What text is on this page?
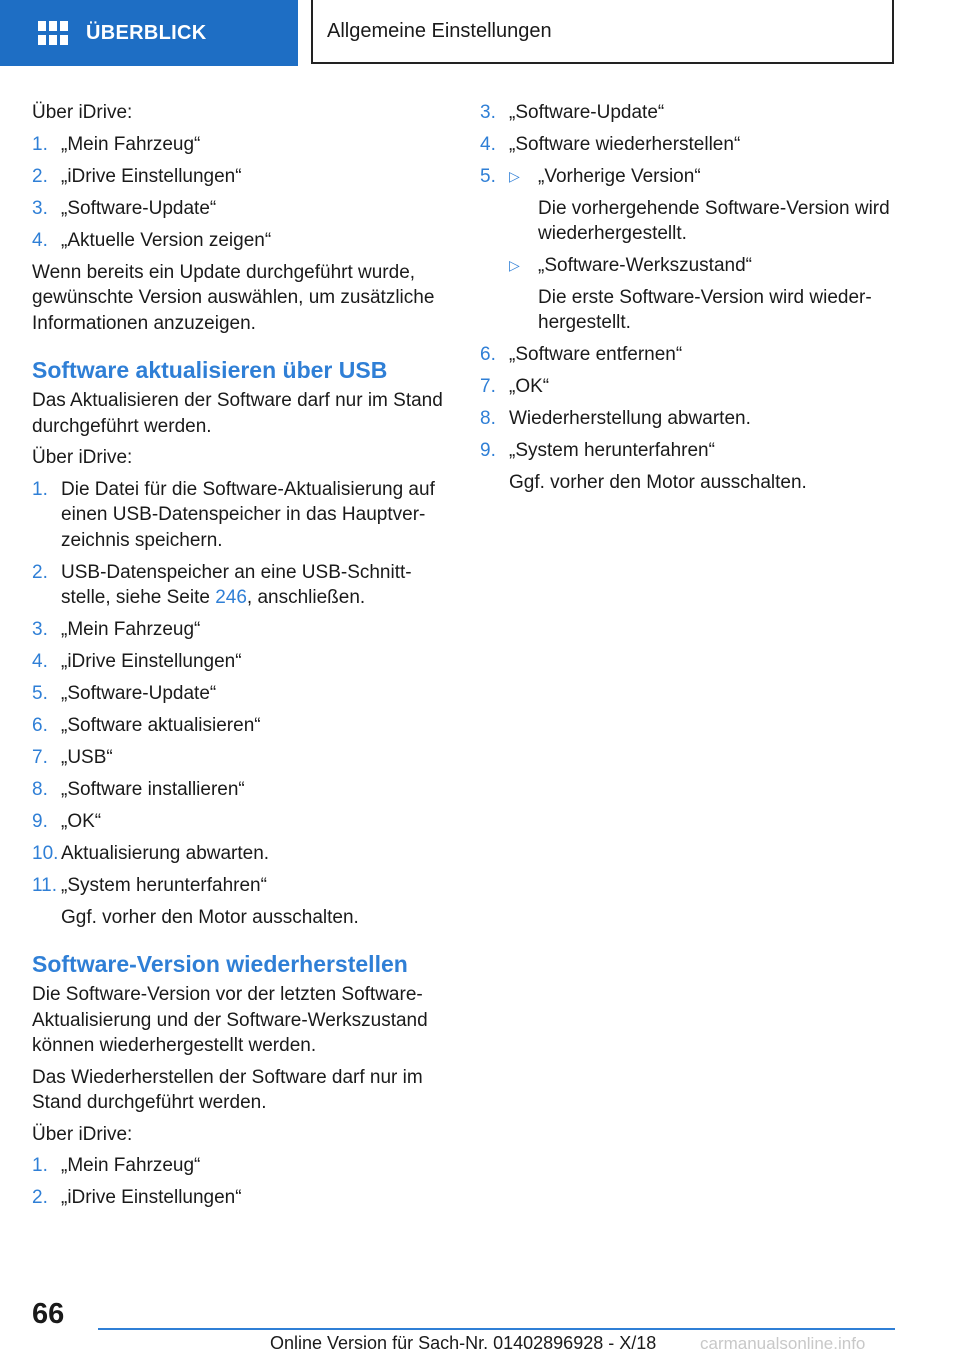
ÜBERBLICK	Allgemeine Einstellungen

Über iDrive:

1. „Mein Fahrzeug“
2. „iDrive Einstellungen“
3. „Software-Update“
4. „Aktuelle Version zeigen“

Wenn bereits ein Update durchgeführt wurde, gewünschte Version auswählen, um zusätzliche Informationen anzuzeigen.

Software aktualisieren über USB

Das Aktualisieren der Software darf nur im Stand durchgeführt werden.

Über iDrive:

1. Die Datei für die Software-Aktualisierung auf einen USB-Datenspeicher in das Hauptverzeichnis speichern.
2. USB-Datenspeicher an eine USB-Schnittstelle, siehe Seite 246, anschließen.
3. „Mein Fahrzeug“
4. „iDrive Einstellungen“
5. „Software-Update“
6. „Software aktualisieren“
7. „USB“
8. „Software installieren“
9. „OK“
10. Aktualisierung abwarten.
11. „System herunterfahren“
Ggf. vorher den Motor ausschalten.
Software-Version wiederherstellen

Die Software-Version vor der letzten Software-Aktualisierung und der Software-Werkszustand können wiederhergestellt werden.

Das Wiederherstellen der Software darf nur im Stand durchgeführt werden.

Über iDrive:

1. „Mein Fahrzeug“
2. „iDrive Einstellungen“
3. „Software-Update“
4. „Software wiederherstellen“
5. ▷ „Vorherige Version“
Die vorhergehende Software-Version wird wiederhergestellt.
▷ „Software-Werkszustand“
Die erste Software-Version wird wiederhergestellt.
6. „Software entfernen“
7. „OK“
8. Wiederherstellung abwarten.
9. „System herunterfahren“
Ggf. vorher den Motor ausschalten.
66
Online Version für Sach-Nr. 01402896928 - X/18	carmanualsonline.info
